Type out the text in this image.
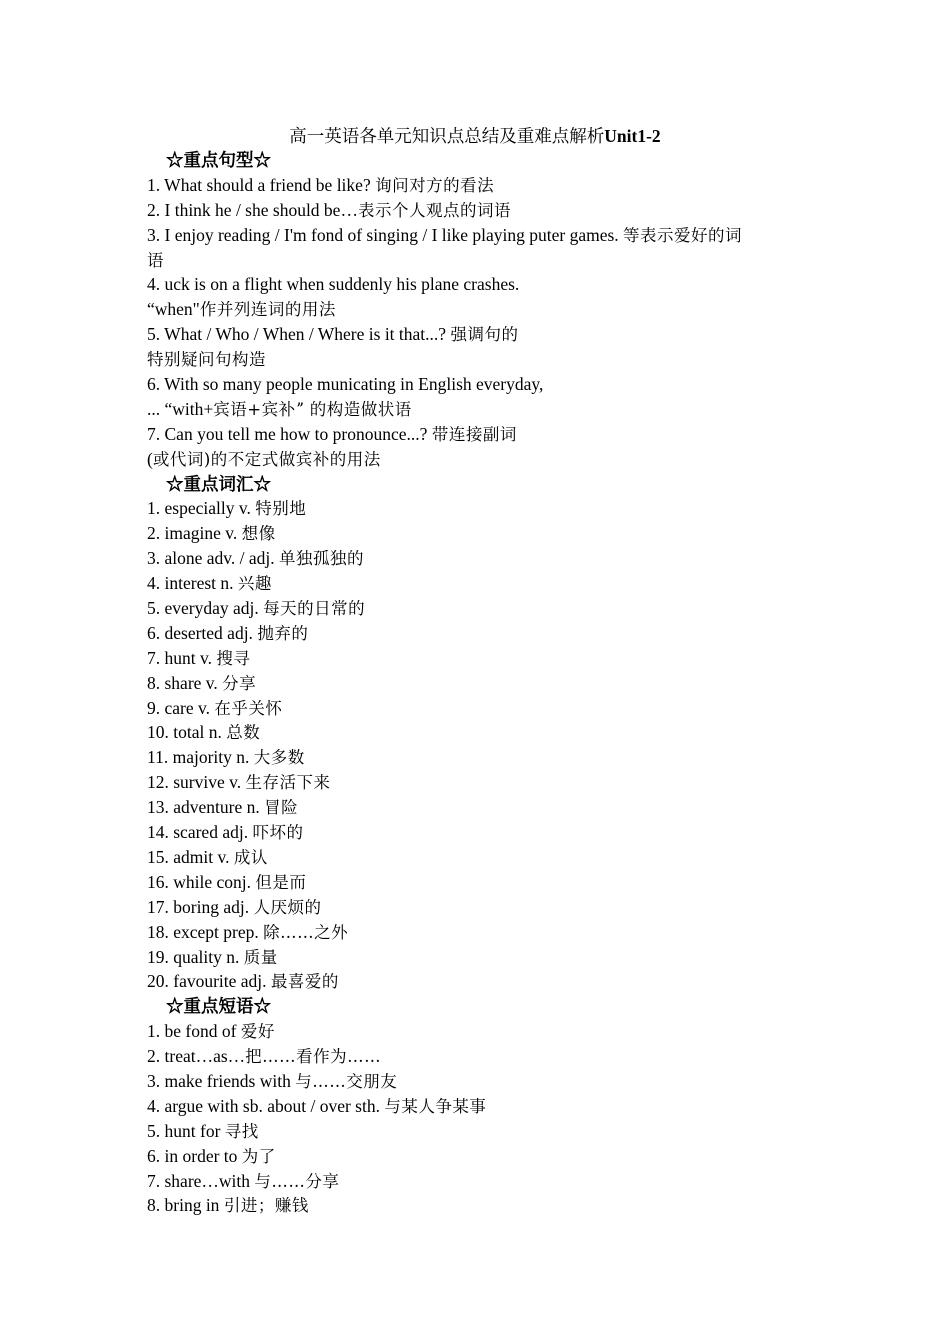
高一英语各单元知识点总结及重难点解析Unit1-2
☆重点句型☆
1. What should a friend be like? 询问对方的看法
2. I think he / she should be…表示个人观点的词语
3. I enjoy reading / I'm fond of singing / I like playing puter games. 等表示爱好的词
语
4. uck is on a flight when suddenly his plane crashes.
“when"作并列连词的用法
5. What / Who / When / Where is it that...? 强调句的
特别疑问句构造
6. With so many people municating in English everyday,
... “with+宾语+宾补ˮ 的构造做状语
7. Can you tell me how to pronounce...? 带连接副词
(或代词)的不定式做宾补的用法
☆重点词汇☆
1. especially v. 特别地
2. imagine v. 想像
3. alone adv. / adj. 单独孤独的
4. interest n. 兴趣
5. everyday adj. 每天的日常的
6. deserted adj. 抛弃的
7. hunt v. 搜寻
8. share v. 分享
9. care v. 在乎关怀
10. total n. 总数
11. majority n. 大多数
12. survive v. 生存活下来
13. adventure n. 冒险
14. scared adj. 吓坏的
15. admit v. 成认
16. while conj. 但是而
17. boring adj. 人厌烦的
18. except prep. 除……之外
19. quality n. 质量
20. favourite adj. 最喜爱的
☆重点短语☆
1. be fond of 爱好
2. treat…as…把……看作为……
3. make friends with 与……交朋友
4. argue with sb. about / over sth. 与某人争某事
5. hunt for 寻找
6. in order to 为了
7. share…with 与……分享
8. bring in 引进；赚钱
